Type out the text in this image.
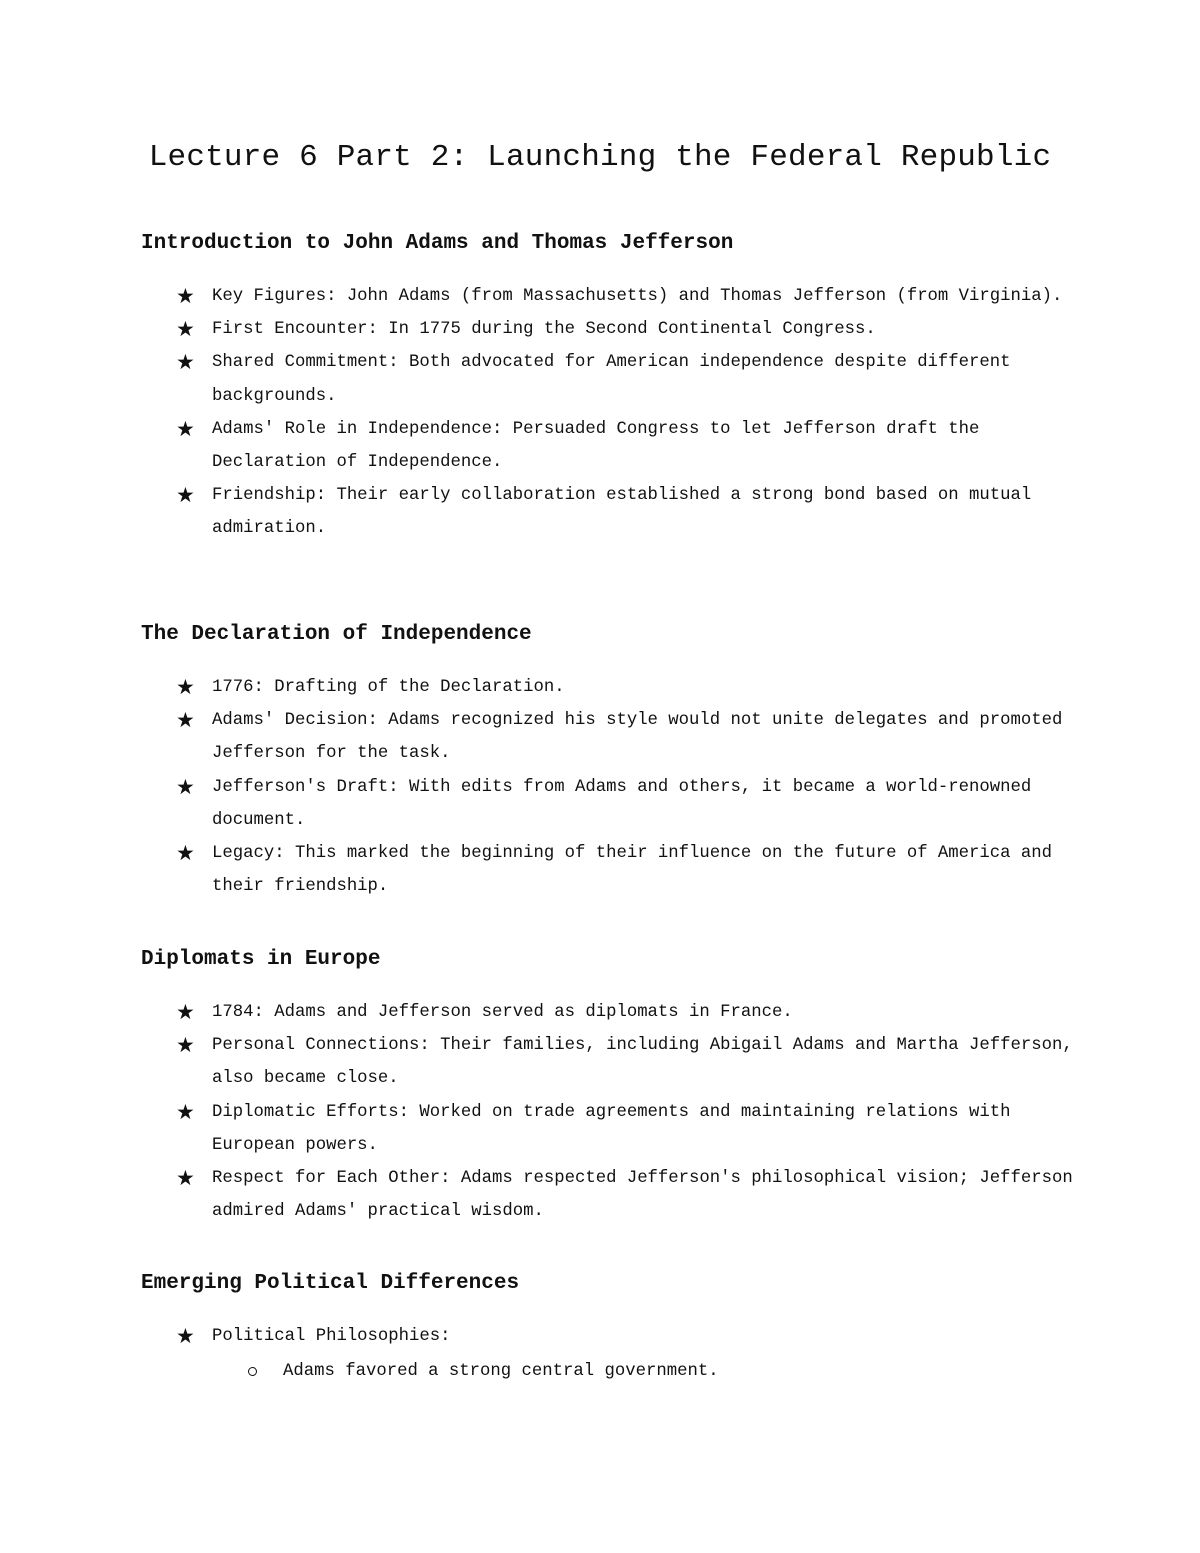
Lecture 6 Part 2: Launching the Federal Republic
Introduction to John Adams and Thomas Jefferson
★ Key Figures: John Adams (from Massachusetts) and Thomas Jefferson (from Virginia).
★ First Encounter: In 1775 during the Second Continental Congress.
★ Shared Commitment: Both advocated for American independence despite different backgrounds.
★ Adams' Role in Independence: Persuaded Congress to let Jefferson draft the Declaration of Independence.
★ Friendship: Their early collaboration established a strong bond based on mutual admiration.
The Declaration of Independence
★ 1776: Drafting of the Declaration.
★ Adams' Decision: Adams recognized his style would not unite delegates and promoted Jefferson for the task.
★ Jefferson's Draft: With edits from Adams and others, it became a world-renowned document.
★ Legacy: This marked the beginning of their influence on the future of America and their friendship.
Diplomats in Europe
★ 1784: Adams and Jefferson served as diplomats in France.
★ Personal Connections: Their families, including Abigail Adams and Martha Jefferson, also became close.
★ Diplomatic Efforts: Worked on trade agreements and maintaining relations with European powers.
★ Respect for Each Other: Adams respected Jefferson's philosophical vision; Jefferson admired Adams' practical wisdom.
Emerging Political Differences
★ Political Philosophies:
Adams favored a strong central government.
